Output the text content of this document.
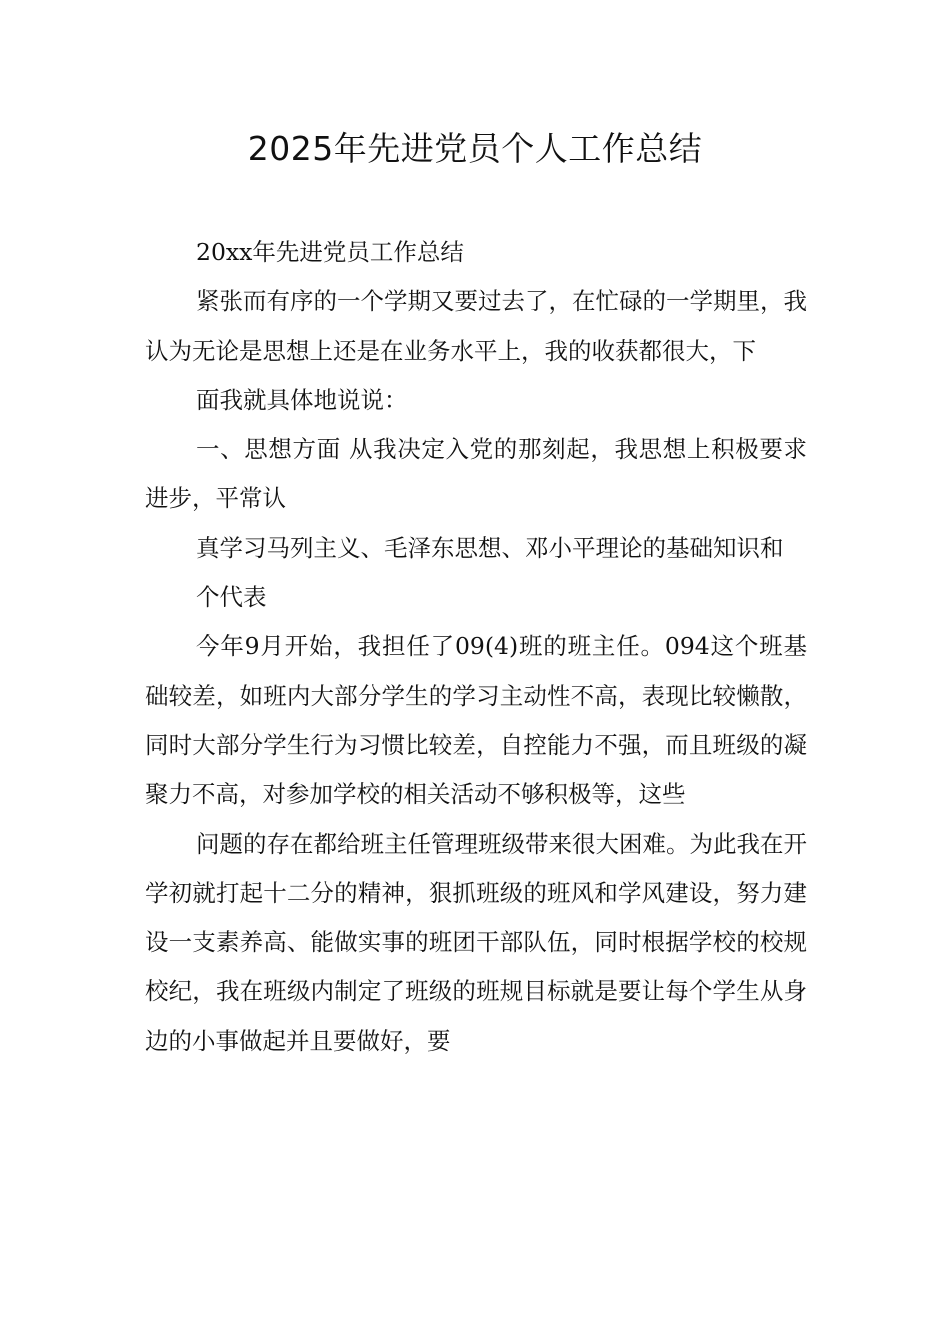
2025年先进党员个人工作总结

20xx年先进党员工作总结

紧张而有序的一个学期又要过去了，在忙碌的一学期里，我认为无论是思想上还是在业务水平上，我的收获都很大，下

面我就具体地说说：

一、思想方面 从我决定入党的那刻起，我思想上积极要求进步，平常认

真学习马列主义、毛泽东思想、邓小平理论的基础知识和

个代表

今年9月开始，我担任了09(4)班的班主任。094这个班基础较差，如班内大部分学生的学习主动性不高，表现比较懒散，同时大部分学生行为习惯比较差，自控能力不强，而且班级的凝聚力不高，对参加学校的相关活动不够积极等，这些

问题的存在都给班主任管理班级带来很大困难。为此我在开学初就打起十二分的精神，狠抓班级的班风和学风建设，努力建设一支素养高、能做实事的班团干部队伍，同时根据学校的校规校纪，我在班级内制定了班级的班规目标就是要让每个学生从身边的小事做起并且要做好，要
